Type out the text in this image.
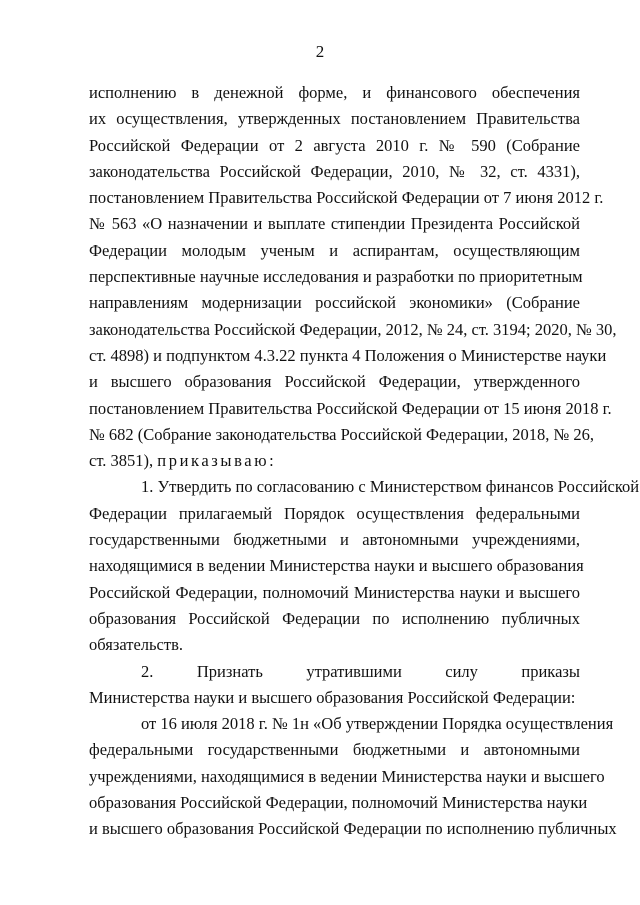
2
исполнению в денежной форме, и финансового обеспечения
их осуществления, утвержденных постановлением Правительства
Российской Федерации от 2 августа 2010 г. № 590 (Собрание
законодательства Российской Федерации, 2010, № 32, ст. 4331),
постановлением Правительства Российской Федерации от 7 июня 2012 г.
№ 563 «О назначении и выплате стипендии Президента Российской
Федерации молодым ученым и аспирантам, осуществляющим
перспективные научные исследования и разработки по приоритетным
направлениям модернизации российской экономики» (Собрание
законодательства Российской Федерации, 2012, № 24, ст. 3194; 2020, № 30,
ст. 4898) и подпунктом 4.3.22 пункта 4 Положения о Министерстве науки
и высшего образования Российской Федерации, утвержденного
постановлением Правительства Российской Федерации от 15 июня 2018 г.
№ 682 (Собрание законодательства Российской Федерации, 2018, № 26,
ст. 3851), приказываю:
1. Утвердить по согласованию с Министерством финансов Российской
Федерации прилагаемый Порядок осуществления федеральными
государственными бюджетными и автономными учреждениями,
находящимися в ведении Министерства науки и высшего образования
Российской Федерации, полномочий Министерства науки и высшего
образования Российской Федерации по исполнению публичных
обязательств.
2. Признать утратившими силу приказы
Министерства науки и высшего образования Российской Федерации:
от 16 июля 2018 г. № 1н «Об утверждении Порядка осуществления
федеральными государственными бюджетными и автономными
учреждениями, находящимися в ведении Министерства науки и высшего
образования Российской Федерации, полномочий Министерства науки
и высшего образования Российской Федерации по исполнению публичных
